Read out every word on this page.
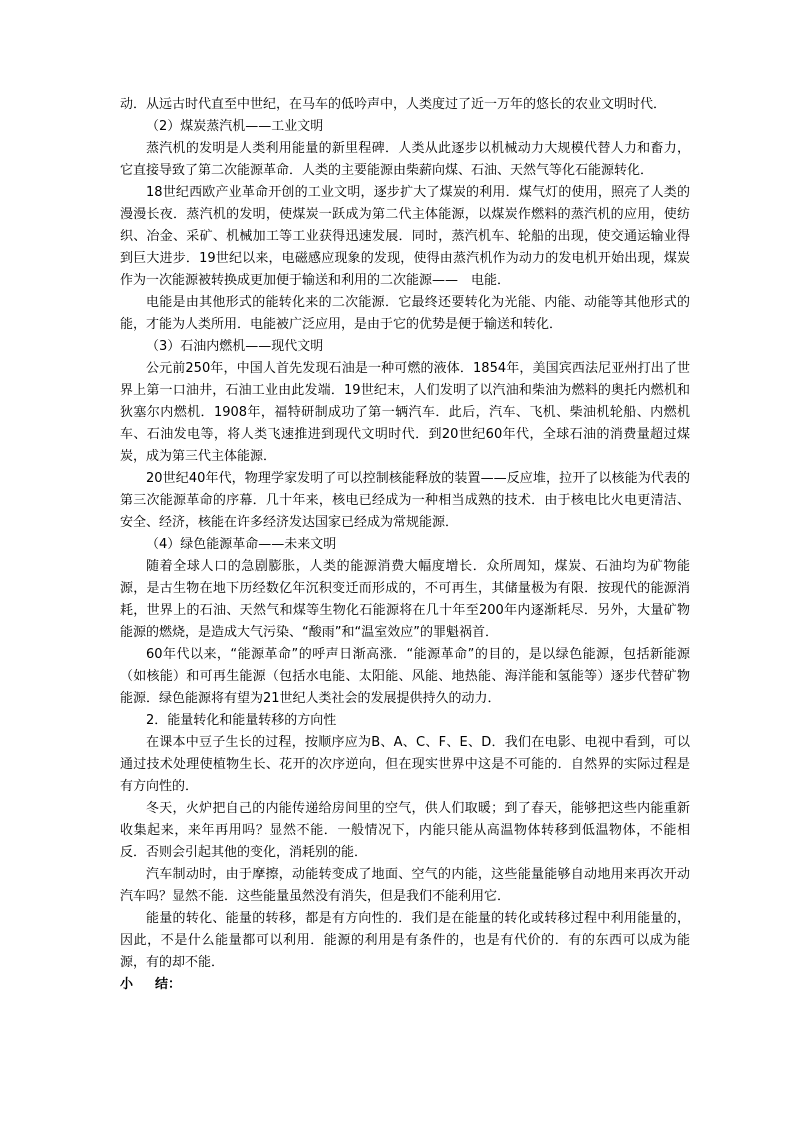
动．从远古时代直至中世纪，在马车的低吟声中，人类度过了近一万年的悠长的农业文明时代．

（2）煤炭蒸汽机——工业文明

蒸汽机的发明是人类利用能量的新里程碑．人类从此逐步以机械动力大规模代替人力和畜力，它直接导致了第二次能源革命．人类的主要能源由柴薪向煤、石油、天然气等化石能源转化．

18世纪西欧产业革命开创的工业文明，逐步扩大了煤炭的利用．煤气灯的使用，照亮了人类的漫漫长夜．蒸汽机的发明，使煤炭一跃成为第二代主体能源，以煤炭作燃料的蒸汽机的应用，使纺织、冶金、采矿、机械加工等工业获得迅速发展．同时，蒸汽机车、轮船的出现，使交通运输业得到巨大进步．19世纪以来，电磁感应现象的发现，使得由蒸汽机作为动力的发电机开始出现，煤炭作为一次能源被转换成更加便于输送和利用的二次能源——　电能．

电能是由其他形式的能转化来的二次能源．它最终还要转化为光能、内能、动能等其他形式的能，才能为人类所用．电能被广泛应用，是由于它的优势是便于输送和转化．

（3）石油内燃机——现代文明

公元前250年，中国人首先发现石油是一种可燃的液体．1854年，美国宾西法尼亚州打出了世界上第一口油井，石油工业由此发端．19世纪末，人们发明了以汽油和柴油为燃料的奥托内燃机和狄塞尔内燃机．1908年，福特研制成功了第一辆汽车．此后，汽车、飞机、柴油机轮船、内燃机车、石油发电等，将人类飞速推进到现代文明时代．到20世纪60年代，全球石油的消费量超过煤炭，成为第三代主体能源．

20世纪40年代，物理学家发明了可以控制核能释放的装置——反应堆，拉开了以核能为代表的第三次能源革命的序幕．几十年来，核电已经成为一种相当成熟的技术．由于核电比火电更清洁、安全、经济，核能在许多经济发达国家已经成为常规能源．

（4）绿色能源革命——未来文明

随着全球人口的急剧膨胀，人类的能源消费大幅度增长．众所周知，煤炭、石油均为矿物能源，是古生物在地下历经数亿年沉积变迁而形成的，不可再生，其储量极为有限．按现代的能源消耗，世界上的石油、天然气和煤等生物化石能源将在几十年至200年内逐渐耗尽．另外，大量矿物能源的燃烧，是造成大气污染、“酸雨”和“温室效应”的罪魁祸首．

60年代以来，“能源革命”的呼声日渐高涨．“能源革命”的目的，是以绿色能源，包括新能源（如核能）和可再生能源（包括水电能、太阳能、风能、地热能、海洋能和氢能等）逐步代替矿物能源．绿色能源将有望为21世纪人类社会的发展提供持久的动力．

2．能量转化和能量转移的方向性

在课本中豆子生长的过程，按顺序应为B、A、C、F、E、D．我们在电影、电视中看到，可以通过技术处理使植物生长、花开的次序逆向，但在现实世界中这是不可能的．自然界的实际过程是有方向性的．

冬天，火炉把自己的内能传递给房间里的空气，供人们取暖；到了春天，能够把这些内能重新收集起来，来年再用吗？显然不能．一般情况下，内能只能从高温物体转移到低温物体，不能相反．否则会引起其他的变化，消耗别的能．

汽车制动时，由于摩擦，动能转变成了地面、空气的内能，这些能量能够自动地用来再次开动汽车吗？显然不能．这些能量虽然没有消失，但是我们不能利用它．

能量的转化、能量的转移，都是有方向性的．我们是在能量的转化或转移过程中利用能量的，因此，不是什么能量都可以利用．能源的利用是有条件的，也是有代价的．有的东西可以成为能源，有的却不能．

小 结：
